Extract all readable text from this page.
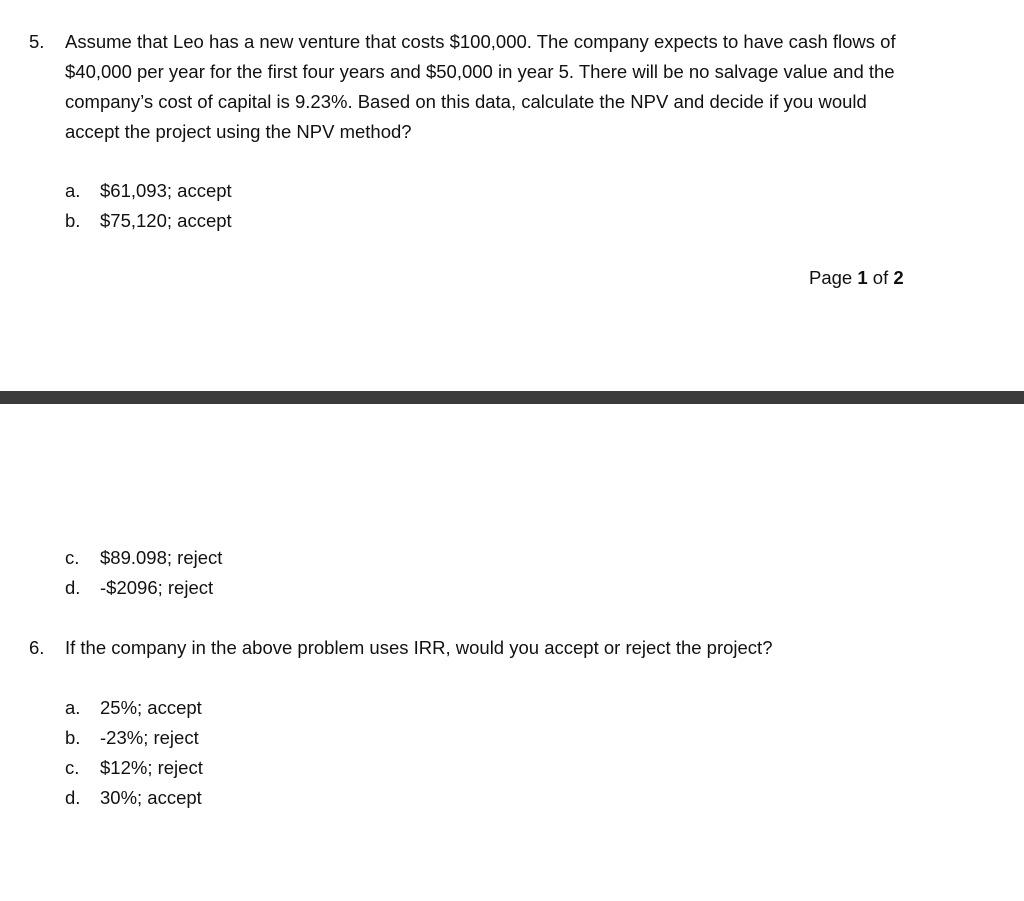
5. Assume that Leo has a new venture that costs $100,000. The company expects to have cash flows of $40,000 per year for the first four years and $50,000 in year 5. There will be no salvage value and the company’s cost of capital is 9.23%. Based on this data, calculate the NPV and decide if you would accept the project using the NPV method?

a.	$61,093; accept
b.	$75,120; accept
Page 1 of 2
c.	$89.098; reject
d.	-$2096; reject
6. If the company in the above problem uses IRR, would you accept or reject the project?

a.	25%; accept
b.	-23%; reject
c.	$12%; reject
d.	30%; accept
